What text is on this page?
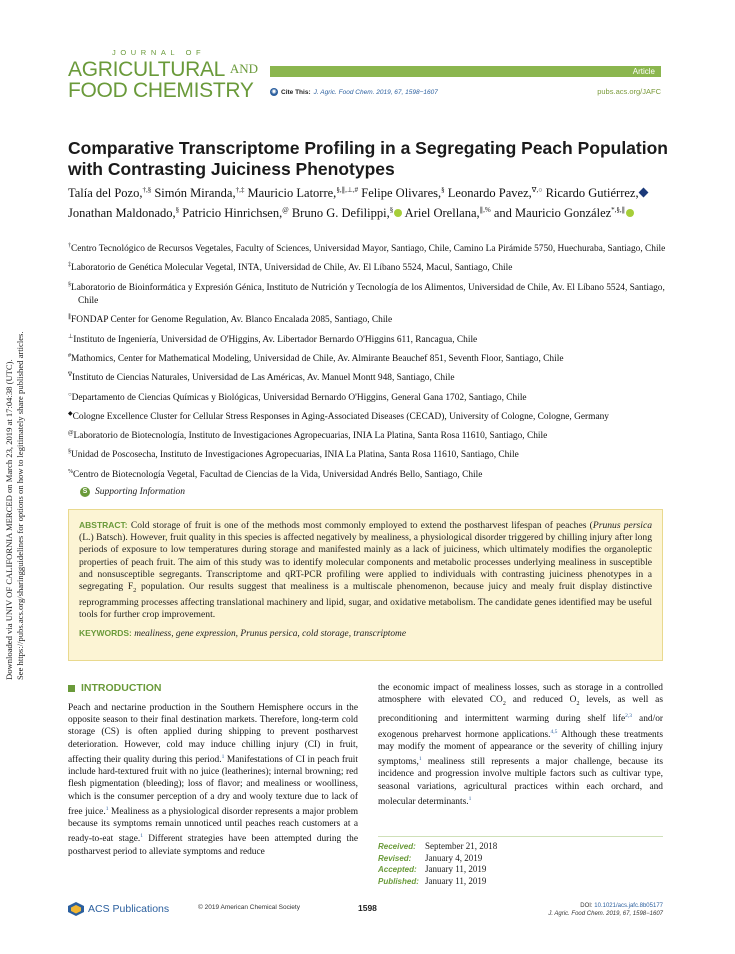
Downloaded via UNIV OF CALIFORNIA MERCED on March 23, 2019 at 17:04:38 (UTC). See https://pubs.acs.org/sharingguidelines for options on how to legitimately share published articles.
JOURNAL OF
AGRICULTURAL AND
FOOD CHEMISTRY
Article
◉ Cite This: J. Agric. Food Chem. 2019, 67, 1598−1607	pubs.acs.org/JAFC
Comparative Transcriptome Profiling in a Segregating Peach Population with Contrasting Juiciness Phenotypes
Talía del Pozo,†,§ Simón Miranda,†,‡ Mauricio Latorre,§,∥,⊥,# Felipe Olivares,§ Leonardo Pavez,∇,○ Ricardo Gutiérrez, Jonathan Maldonado,§ Patricio Hinrichsen,@ Bruno G. Defilippi,§ Ariel Orellana,∥,% and Mauricio González*,§,∥
†Centro Tecnológico de Recursos Vegetales, Faculty of Sciences, Universidad Mayor, Santiago, Chile, Camino La Pirámide 5750, Huechuraba, Santiago, Chile
‡Laboratorio de Genética Molecular Vegetal, INTA, Universidad de Chile, Av. El Líbano 5524, Macul, Santiago, Chile
§Laboratorio de Bioinformática y Expresión Génica, Instituto de Nutrición y Tecnología de los Alimentos, Universidad de Chile, Av. El Líbano 5524, Santiago, Chile
∥FONDAP Center for Genome Regulation, Av. Blanco Encalada 2085, Santiago, Chile
⊥Instituto de Ingeniería, Universidad de O'Higgins, Av. Libertador Bernardo O'Higgins 611, Rancagua, Chile
#Mathomics, Center for Mathematical Modeling, Universidad de Chile, Av. Almirante Beauchef 851, Seventh Floor, Santiago, Chile
∇Instituto de Ciencias Naturales, Universidad de Las Américas, Av. Manuel Montt 948, Santiago, Chile
○Departamento de Ciencias Químicas y Biológicas, Universidad Bernardo O'Higgins, General Gana 1702, Santiago, Chile
◆Cologne Excellence Cluster for Cellular Stress Responses in Aging-Associated Diseases (CECAD), University of Cologne, Cologne, Germany
@Laboratorio de Biotecnología, Instituto de Investigaciones Agropecuarias, INIA La Platina, Santa Rosa 11610, Santiago, Chile
§Unidad de Poscosecha, Instituto de Investigaciones Agropecuarias, INIA La Platina, Santa Rosa 11610, Santiago, Chile
%Centro de Biotecnología Vegetal, Facultad de Ciencias de la Vida, Universidad Andrés Bello, Santiago, Chile
S Supporting Information

ABSTRACT: Cold storage of fruit is one of the methods most commonly employed to extend the postharvest lifespan of peaches (Prunus persica (L.) Batsch). However, fruit quality in this species is affected negatively by mealiness, a physiological disorder triggered by chilling injury after long periods of exposure to low temperatures during storage and manifested mainly as a lack of juiciness, which ultimately modifies the organoleptic properties of peach fruit. The aim of this study was to identify molecular components and metabolic processes underlying mealiness in susceptible and nonsusceptible segregants. Transcriptome and qRT-PCR profiling were applied to individuals with contrasting juiciness phenotypes in a segregating $F_2$ population. Our results suggest that mealiness is a multiscale phenomenon, because juicy and mealy fruit display distinctive reprogramming processes affecting translational machinery and lipid, sugar, and oxidative metabolism. The candidate genes identified may be useful tools for further crop improvement.

KEYWORDS: mealiness, gene expression, Prunus persica, cold storage, transcriptome

INTRODUCTION

Peach and nectarine production in the Southern Hemisphere occurs in the opposite season to their final destination markets. Therefore, long-term cold storage (CS) is often applied during shipping to prevent postharvest deterioration. However, cold may induce chilling injury (CI) in fruit, affecting their quality during this period.$^1$ Manifestations of CI in peach fruit include hard-textured fruit with no juice (leatherines); internal browning; red flesh pigmentation (bleeding); loss of flavor; and mealiness or woolliness, which is the consumer perception of a dry and wooly texture due to lack of free juice.$^1$ Mealiness as a physiological disorder represents a major problem because its symptoms remain unnoticed until peaches reach customers at a ready-to-eat stage.$^1$ Different strategies have been attempted during the postharvest period to alleviate symptoms and reduce

the economic impact of mealiness losses, such as storage in a controlled atmosphere with elevated $CO_2$ and reduced $O_2$ levels, as well as preconditioning and intermittent warming during shelf life$^{2,3}$ and/or exogenous preharvest hormone applications.$^{4,5}$ Although these treatments may modify the moment of appearance or the severity of chilling injury symptoms,$^1$ mealiness still represents a major challenge, because its incidence and progression involve multiple factors such as cultivar type, seasonal variations, agricultural practices within each orchard, and molecular determinants.$^1$

Received:	September 21, 2018
Revised:	January 4, 2019
Accepted: January 11, 2019
Published: January 11, 2019
ACS Publications	© 2019 American Chemical Society	1598	DOI: 10.1021/acs.jafc.8b05177
J. Agric. Food Chem. 2019, 67, 1598−1607
